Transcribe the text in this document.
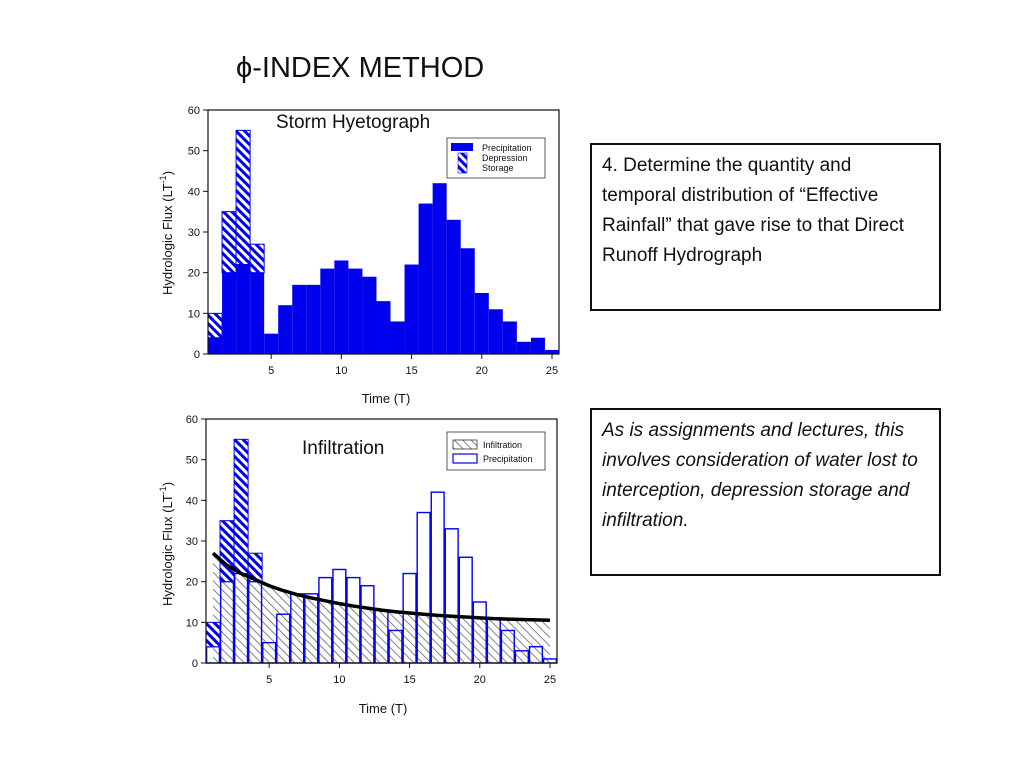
ϕ-INDEX METHOD
0
10
20
30
40
50
60
5	10	15	20	25
Storm Hyetograph
Precipitation
Depression
Storage
Time (T)
Hydrologic Flux $(LT^{-1})$
0
10
20
30
40
50
60
5	10	15	20	25
Infiltration	Infiltration
Precipitation
Time (T)
Hydrologic Flux $(LT^{-1})$
4. Determine the quantity and temporal distribution of “Effective Rainfall” that gave rise to that Direct Runoff Hydrograph
As is assignments and lectures, this involves consideration of water lost to interception, depression storage and infiltration.
